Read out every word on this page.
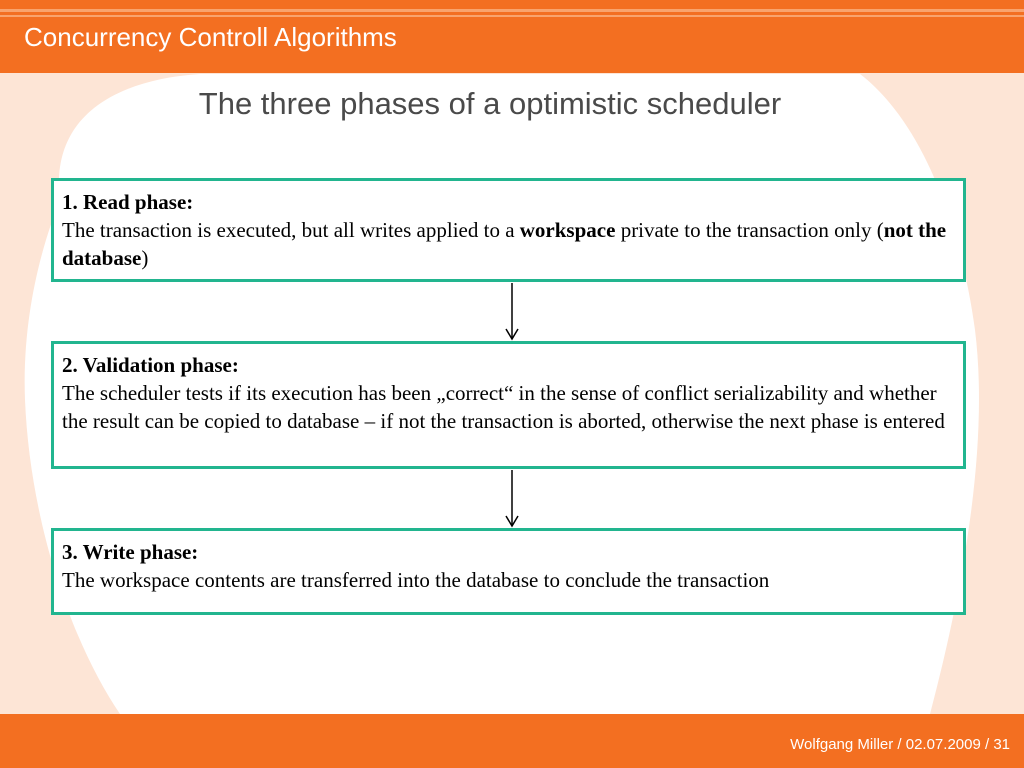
Concurrency Controll Algorithms
The three phases of a optimistic scheduler
1. Read phase:
The transaction is executed, but all writes applied to a workspace private to the transaction only (not the database)
2. Validation phase:
The scheduler tests if its execution has been „correct“ in the sense of conflict serializability and whether the result can be copied to database – if not the transaction is aborted, otherwise the next phase is entered
3. Write phase:
The workspace contents are transferred into the database to conclude the transaction
Wolfgang Miller / 02.07.2009 / 31
